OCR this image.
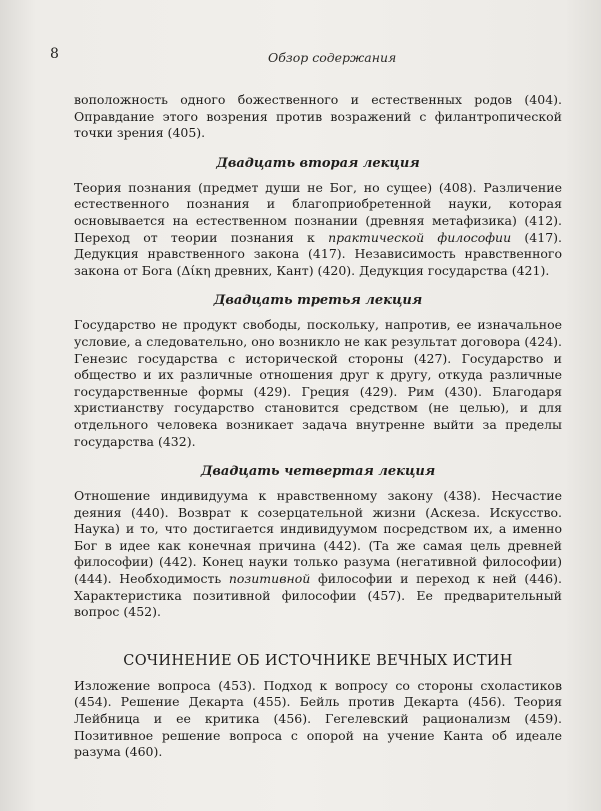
8	Обзор содержания

воположность одного божественного и естественных родов (404). Оправдание этого возрения против возражений с филантропической точки зрения (405).

Двадцать вторая лекция

Теория познания (предмет души не Бог, но сущее) (408). Различение естественного познания и благоприобретенной науки, которая основывается на естественном познании (древняя метафизика) (412). Переход от теории познания к практической философии (417). Дедукция нравственного закона (417). Независимость нравственного закона от Бога (Δίκη древних, Кант) (420). Дедукция государства (421).

Двадцать третья лекция

Государство не продукт свободы, поскольку, напротив, ее изначальное условие, а следовательно, оно возникло не как результат договора (424). Генезис государства с исторической стороны (427). Государство и общество и их различные отношения друг к другу, откуда различные государственные формы (429). Греция (429). Рим (430). Благодаря христианству государство становится средством (не целью), и для отдельного человека возникает задача внутренне выйти за пределы государства (432).

Двадцать четвертая лекция

Отношение индивидуума к нравственному закону (438). Несчастие деяния (440). Возврат к созерцательной жизни (Аскеза. Искусство. Наука) и то, что достигается индивидуумом посредством их, а именно Бог в идее как конечная причина (442). (Та же самая цель древней философии) (442). Конец науки только разума (негативной философии) (444). Необходимость позитивной философии и переход к ней (446). Характеристика позитивной философии (457). Ее предварительный вопрос (452).

СОЧИНЕНИЕ ОБ ИСТОЧНИКЕ ВЕЧНЫХ ИСТИН

Изложение вопроса (453). Подход к вопросу со стороны схоластиков (454). Решение Декарта (455). Бейль против Декарта (456). Теория Лейбница и ее критика (456). Гегелевский рационализм (459). Позитивное решение вопроса с опорой на учение Канта об идеале разума (460).
